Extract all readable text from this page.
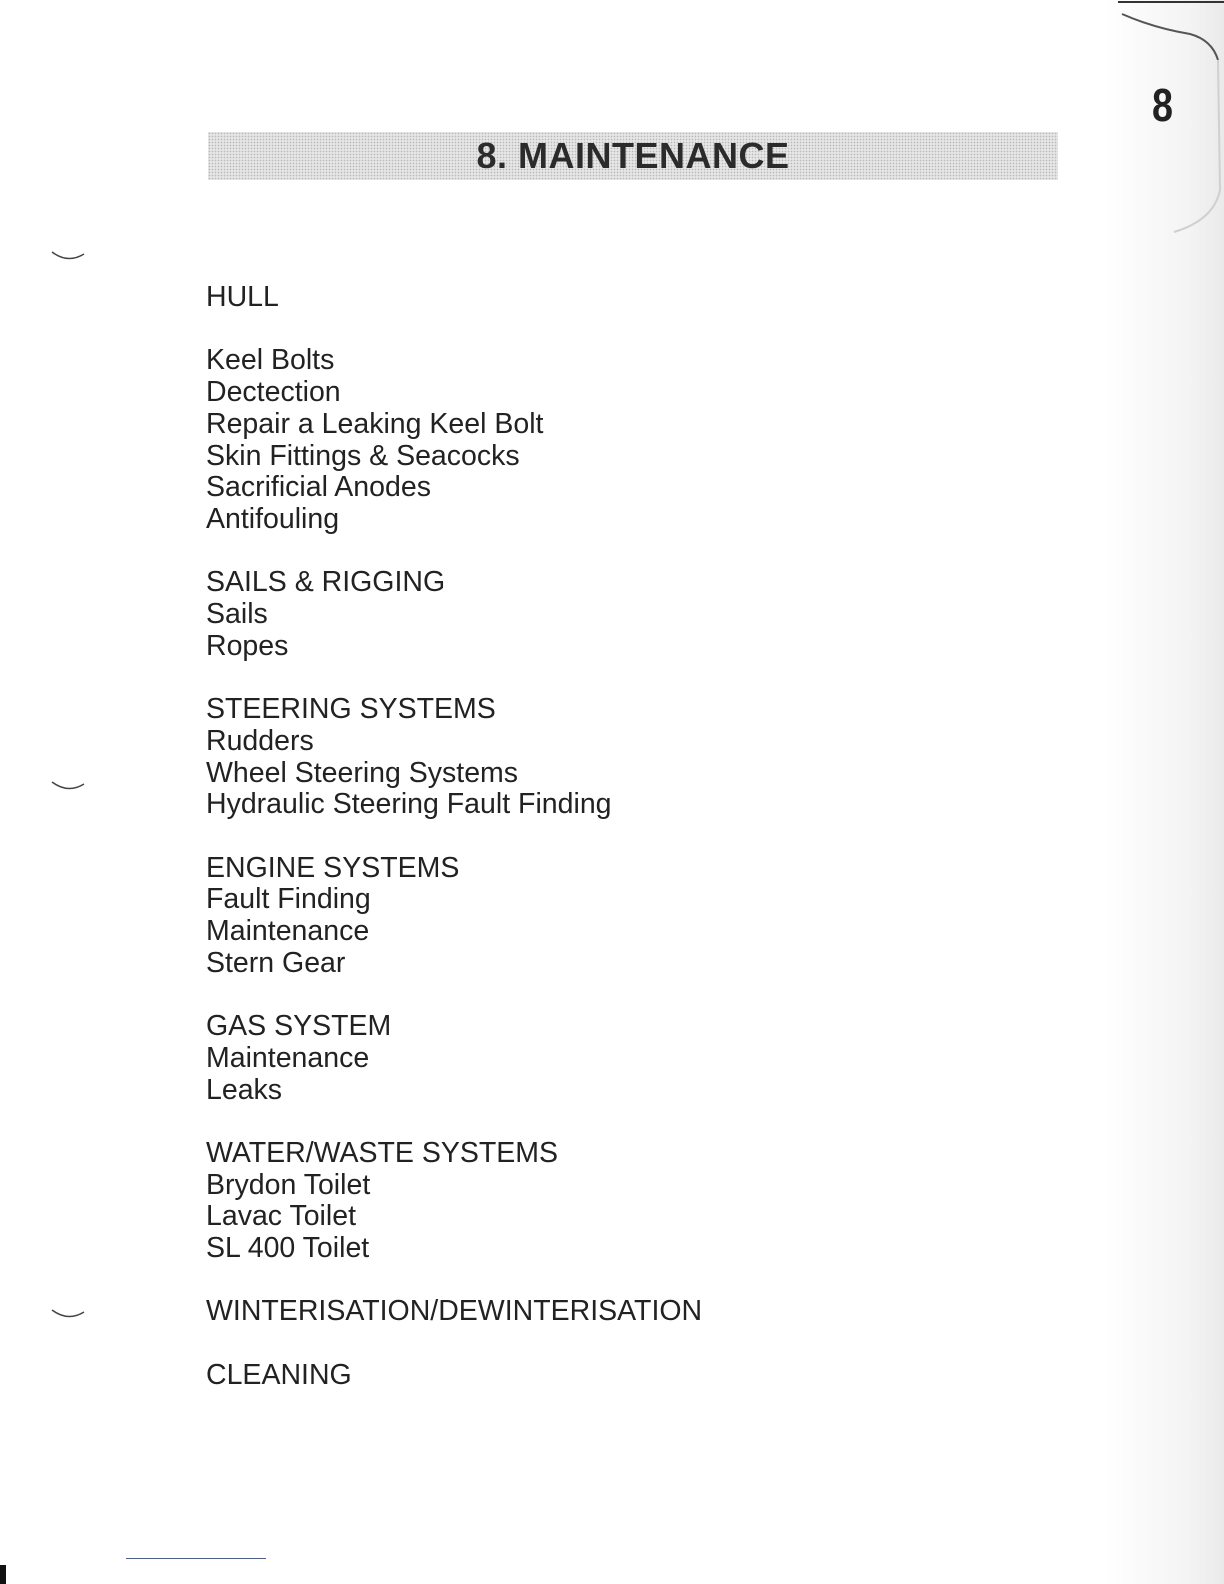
8
8. MAINTENANCE
HULL
Keel Bolts
Dectection
Repair a Leaking Keel Bolt
Skin Fittings & Seacocks
Sacrificial Anodes
Antifouling
SAILS & RIGGING
Sails
Ropes
STEERING SYSTEMS
Rudders
Wheel Steering Systems
Hydraulic Steering Fault Finding
ENGINE SYSTEMS
Fault Finding
Maintenance
Stern Gear
GAS SYSTEM
Maintenance
Leaks
WATER/WASTE SYSTEMS
Brydon Toilet
Lavac Toilet
SL 400 Toilet
WINTERISATION/DEWINTERISATION
CLEANING
